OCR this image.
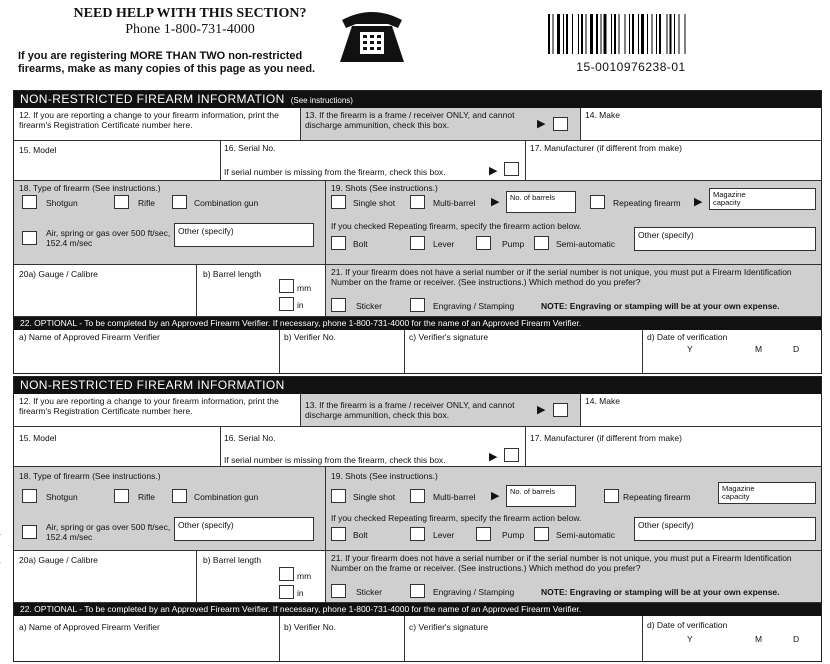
NEED HELP WITH THIS SECTION?
Phone 1-800-731-4000
If you are registering MORE THAN TWO non-restricted firearms, make as many copies of this page as you need.	15-0010976238-01
NON-RESTRICTED FIREARM INFORMATION (See instructions)
12. If you are reporting a change to your firearm information, print the firearm's Registration Certificate number here.
13. If the firearm is a frame / receiver ONLY, and cannot discharge ammunition, check this box.	▶
14. Make
15. Model	16. Serial No.
If serial number is missing from the firearm, check this box.	▶
17. Manufacturer (if different from make)
18. Type of firearm (See instructions.)
Shotgun	Rifle	Combination gun
Air, spring or gas over 500 ft/sec, 152.4 m/sec
Other (specify)
19. Shots (See instructions.)
Single shot	Multi-barrel ▶ No. of barrels
Repeating firearm ▶
Magazine capacity
If you checked Repeating firearm, specify the firearm action below.
Bolt	Lever	Pump	Semi-automatic
Other (specify)
20a) Gauge / Calibre	b) Barrel length
mm
in
21. If your firearm does not have a serial number or if the serial number is not unique, you must put a Firearm Identification Number on the frame or receiver. (See instructions.) Which method do you prefer?
Sticker	Engraving / Stamping	NOTE: Engraving or stamping will be at your own expense.
22. OPTIONAL - To be completed by an Approved Firearm Verifier. If necessary, phone 1-800-731-4000 for the name of an Approved Firearm Verifier.
a) Name of Approved Firearm Verifier	b) Verifier No.	c) Verifier's signature	d) Date of verification
Y	M	D
NON-RESTRICTED FIREARM INFORMATION
12. If you are reporting a change to your firearm information, print the firearm's Registration Certificate number here.
13. If the firearm is a frame / receiver ONLY, and cannot discharge ammunition, check this box.	▶
14. Make
15. Model	16. Serial No.
If serial number is missing from the firearm, check this box.	▶
17. Manufacturer (if different from make)
18. Type of firearm (See instructions.)
Shotgun	Rifle	Combination gun
Air, spring or gas over 500 ft/sec, 152.4 m/sec
Other (specify)
19. Shots (See instructions.)
Single shot	Multi-barrel ▶ No. of barrels
Repeating firearm
Magazine capacity
If you checked Repeating firearm, specify the firearm action below.
Bolt	Lever	Pump	Semi-automatic
Other (specify)
20a) Gauge / Calibre	b) Barrel length
mm
in
21. If your firearm does not have a serial number or if the serial number is not unique, you must put a Firearm Identification Number on the frame or receiver. (See instructions.) Which method do you prefer?
Sticker	Engraving / Stamping	NOTE: Engraving or stamping will be at your own expense.
22. OPTIONAL - To be completed by an Approved Firearm Verifier. If necessary, phone 1-800-731-4000 for the name of an Approved Firearm Verifier.
a) Name of Approved Firearm Verifier	b) Verifier No.	c) Verifier's signature	d) Date of verification
Y	M	D
